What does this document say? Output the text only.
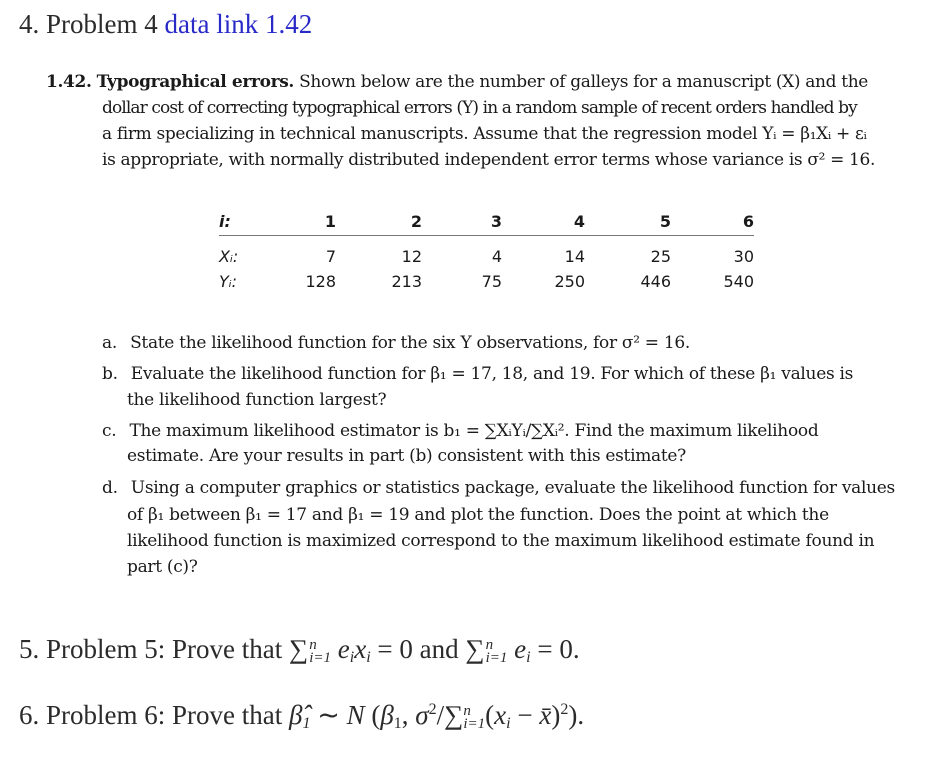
4. Problem 4 data link 1.42
1.42. Typographical errors. Shown below are the number of galleys for a manuscript (X) and the
dollar cost of correcting typographical errors (Y) in a random sample of recent orders handled by
a firm specializing in technical manuscripts. Assume that the regression model Yᵢ = β₁Xᵢ + εᵢ
is appropriate, with normally distributed independent error terms whose variance is σ² = 16.
i:	1	2	3	4	5	6

Xᵢ:	7	12	4	14	25	30
Yᵢ:	128	213	75	250	446	540
a. State the likelihood function for the six Y observations, for σ² = 16.
b. Evaluate the likelihood function for β₁ = 17, 18, and 19. For which of these β₁ values is
the likelihood function largest?
c. The maximum likelihood estimator is b₁ = ∑XᵢYᵢ/∑Xᵢ². Find the maximum likelihood
estimate. Are your results in part (b) consistent with this estimate?
d. Using a computer graphics or statistics package, evaluate the likelihood function for values
of β₁ between β₁ = 17 and β₁ = 19 and plot the function. Does the point at which the
likelihood function is maximized correspond to the maximum likelihood estimate found in
part (c)?
5. Problem 5: Prove that ∑ n
i=1 eixi = 0 and ∑ n
i=1 ei = 0.
6. Problem 6: Prove that β̂1 ∼ N (β1, $\sigma^2/\sum$ n
i=1 (xi − x̄)$^2$).
